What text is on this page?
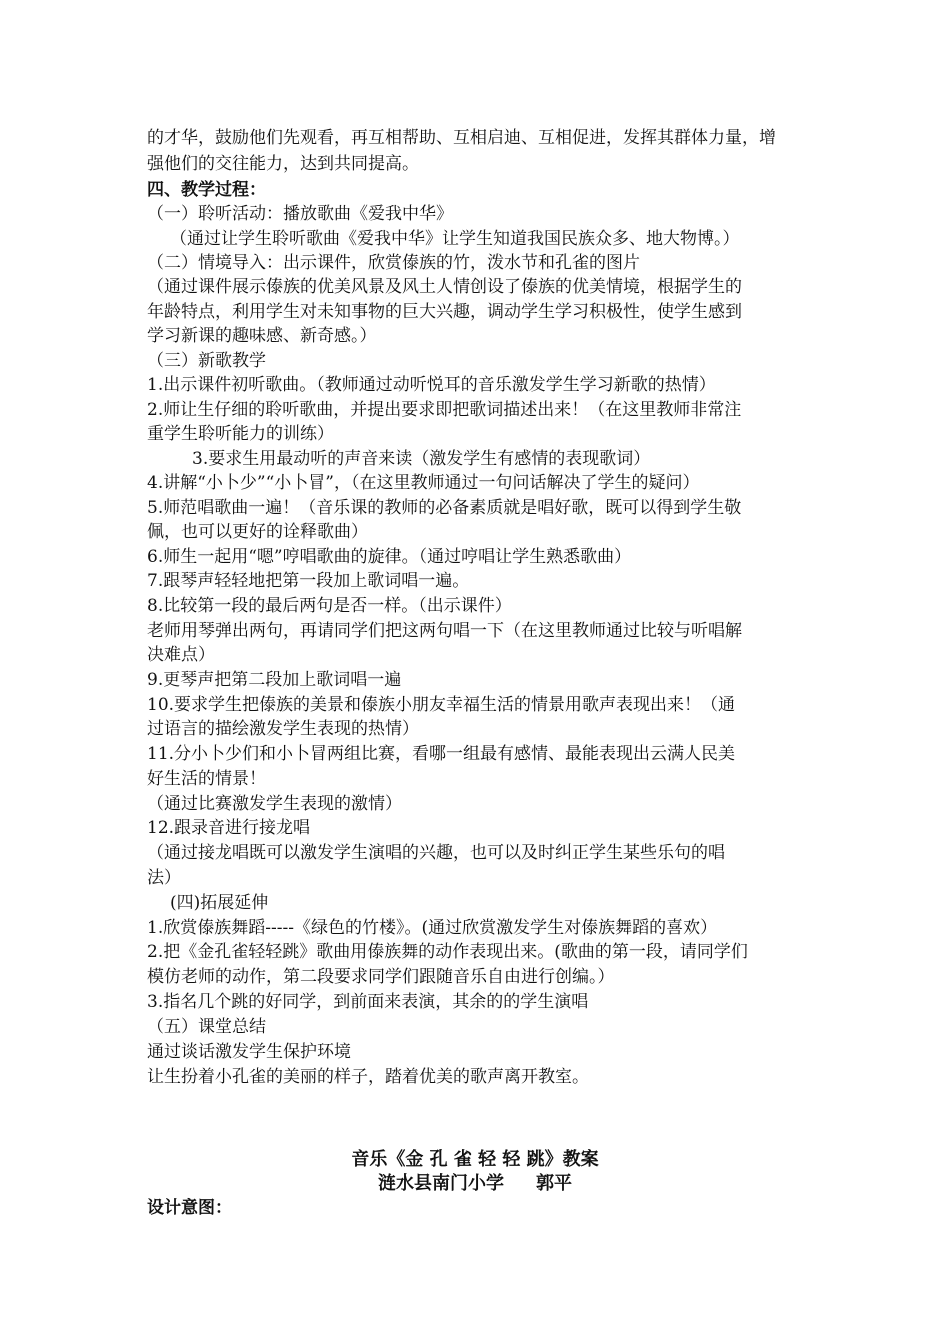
的才华，鼓励他们先观看，再互相帮助、互相启迪、互相促进，发挥其群体力量，增
强他们的交往能力，达到共同提高。
四、教学过程：
（一）聆听活动：播放歌曲《爱我中华》
（通过让学生聆听歌曲《爱我中华》让学生知道我国民族众多、地大物博。）
（二）情境导入：出示课件，欣赏傣族的竹，泼水节和孔雀的图片
（通过课件展示傣族的优美风景及风土人情创设了傣族的优美情境，根据学生的
年龄特点，利用学生对未知事物的巨大兴趣，调动学生学习积极性，使学生感到
学习新课的趣味感、新奇感。）
（三）新歌教学
1.出示课件初听歌曲。（教师通过动听悦耳的音乐激发学生学习新歌的热情）
2.师让生仔细的聆听歌曲，并提出要求即把歌词描述出来！（在这里教师非常注
重学生聆听能力的训练）
3.要求生用最动听的声音来读（激发学生有感情的表现歌词）
4.讲解“小卜少”“小卜冒”，（在这里教师通过一句问话解决了学生的疑问）
5.师范唱歌曲一遍！（音乐课的教师的必备素质就是唱好歌，既可以得到学生敬
佩，也可以更好的诠释歌曲）
6.师生一起用“嗯”哼唱歌曲的旋律。（通过哼唱让学生熟悉歌曲）
7.跟琴声轻轻地把第一段加上歌词唱一遍。
8.比较第一段的最后两句是否一样。（出示课件）
老师用琴弹出两句，再请同学们把这两句唱一下（在这里教师通过比较与听唱解
决难点）
9.更琴声把第二段加上歌词唱一遍
10.要求学生把傣族的美景和傣族小朋友幸福生活的情景用歌声表现出来！（通
过语言的描绘激发学生表现的热情）
11.分小卜少们和小卜冒两组比赛，看哪一组最有感情、最能表现出云满人民美
好生活的情景！
（通过比赛激发学生表现的激情）
12.跟录音进行接龙唱
（通过接龙唱既可以激发学生演唱的兴趣，也可以及时纠正学生某些乐句的唱
法）
(四)拓展延伸
1.欣赏傣族舞蹈-----《绿色的竹楼》。(通过欣赏激发学生对傣族舞蹈的喜欢）
2.把《金孔雀轻轻跳》歌曲用傣族舞的动作表现出来。(歌曲的第一段，请同学们
模仿老师的动作，第二段要求同学们跟随音乐自由进行创编。）
3.指名几个跳的好同学，到前面来表演，其余的的学生演唱
（五）课堂总结
通过谈话激发学生保护环境
让生扮着小孔雀的美丽的样子，踏着优美的歌声离开教室。
音乐《金 孔 雀 轻 轻 跳》教案
涟水县南门小学 郭平
设计意图：
